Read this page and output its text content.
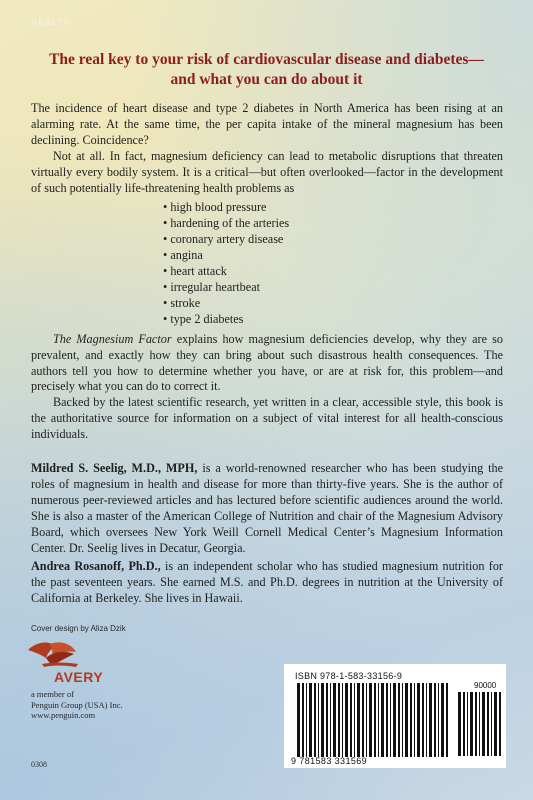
HEALTH
The real key to your risk of cardiovascular disease and diabetes—
and what you can do about it

The incidence of heart disease and type 2 diabetes in North America has been rising at an alarming rate. At the same time, the per capita intake of the mineral magnesium has been declining. Coincidence?

Not at all. In fact, magnesium deficiency can lead to metabolic disruptions that threaten virtually every bodily system. It is a critical—but often overlooked—factor in the development of such potentially life-threatening health problems as

• high blood pressure
• hardening of the arteries
• coronary artery disease
• angina
• heart attack
• irregular heartbeat
• stroke
• type 2 diabetes

The Magnesium Factor explains how magnesium deficiencies develop, why they are so prevalent, and exactly how they can bring about such disastrous health consequences. The authors tell you how to determine whether you have, or are at risk for, this problem—and precisely what you can do to correct it.

Backed by the latest scientific research, yet written in a clear, accessible style, this book is the authoritative source for information on a subject of vital interest for all health-conscious individuals.

Mildred S. Seelig, M.D., MPH, is a world-renowned researcher who has been studying the roles of magnesium in health and disease for more than thirty-five years. She is the author of numerous peer-reviewed articles and has lectured before scientific audiences around the world. She is also a master of the American College of Nutrition and chair of the Magnesium Advisory Board, which oversees New York Weill Cornell Medical Center’s Magnesium Information Center. Dr. Seelig lives in Decatur, Georgia.

Andrea Rosanoff, Ph.D., is an independent scholar who has studied magnesium nutrition for the past seventeen years. She earned M.S. and Ph.D. degrees in nutrition at the University of California at Berkeley. She lives in Hawaii.

Cover design by Aliza Dzik
AVERY
a member of
Penguin Group (USA) Inc.
www.penguin.com
0308
ISBN 978-1-583-33156-9
90000
9 781583 331569
